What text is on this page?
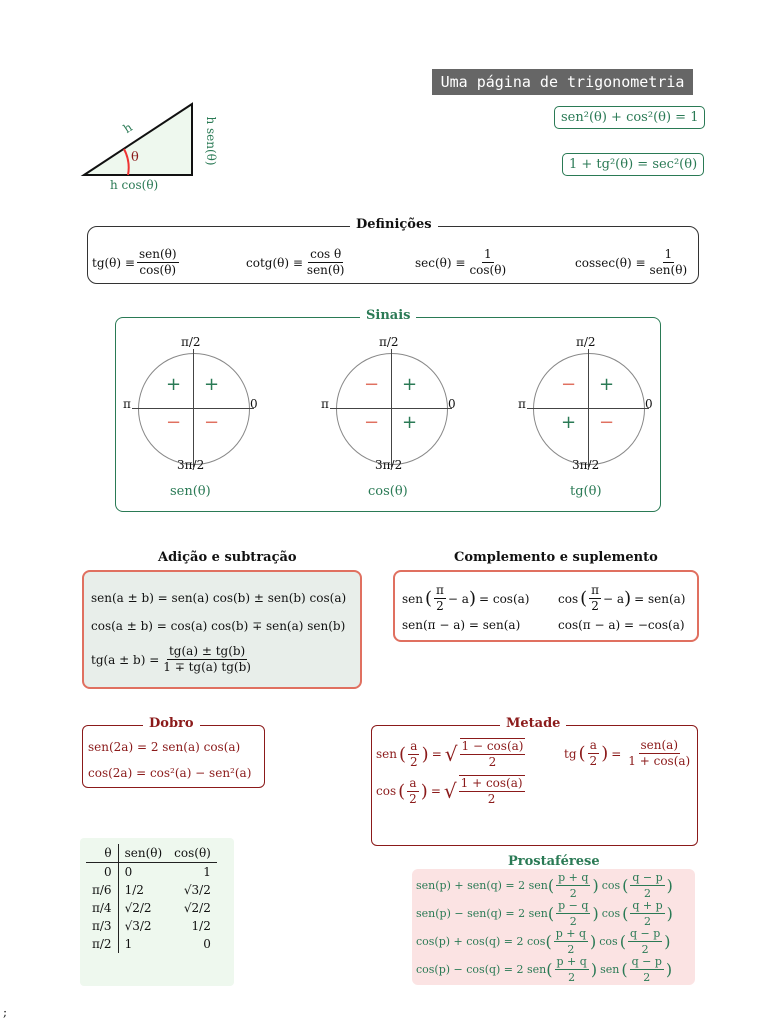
Uma página de trigonometria
h
θ
h cos(θ)
h sen(θ)	sen²(θ) + cos²(θ) = 1
1 + tg²(θ) = sec²(θ)
Definições
$tg(\theta) \equiv \frac{\text{sen(θ)}}{\cos(\theta)}$	$\cot g(\theta) \equiv \frac{\text{cos θ}}{\text{sen(θ)}}$	$\sec(\theta) \equiv \frac{1}{\cos(\theta)}$	$cossec(\theta) \equiv \frac{1}{\text{sen(θ)}}$
Sinais
π/2
π	0
3π/2
+
+
− −
sen(θ)
π/2
π	0
3π/2
+
−
− +
cos(θ)
π/2
π	0
3π/2
+
−
+ −
tg(θ)
Adição e subtração
sen(a ± b) = sen(a) cos(b) ± sen(b) cos(a)
cos(a ± b) = cos(a) cos(b) ∓ sen(a) sen(b)
$tg(a \pm b) = \frac{tg(a) \pm tg(b)}{1 \mp tg(a) tg(b)}$
Complemento e suplemento
sen ( $\frac{\pi}{2} - a$ ) = cos(a) cos ( $\frac{\pi}{2} - a$ ) = sen(a)
sen(π − a) = sen(a)	cos(π − a) = −cos(a)
Dobro
sen(2a) = 2 sen(a) cos(a)
cos(2a) = cos²(a) − sen²(a)
Metade
sen ( $\frac{a}{2}$ ) = √ $\frac{1 - \cos(a)}{2}$
cos ( $\frac{a}{2}$ ) = √ $\frac{1 + \cos(a)}{2}$
tg ( $\frac{a}{2}$ ) = $\frac{\text{sen(a)}}{1 + \cos(a)}$
θ	sen(θ)	cos(θ)
0	0	1
π/6	1/2	√3/2
π/4	√2/2	√2/2
π/3	√3/2	1/2
π/2	1	0
Prostaférese
sen(p) + sen(q) = 2 sen ( $\frac{p + q}{2}$ ) cos ( $\frac{q - p}{2}$ )
sen(p) − sen(q) = 2 sen ( $\frac{p - q}{2}$ ) cos ( $\frac{q + p}{2}$ )
cos(p) + cos(q) = 2 cos ( $\frac{p + q}{2}$ ) cos ( $\frac{q - p}{2}$ )
cos(p) − cos(q) = 2 sen ( $\frac{p + q}{2}$ ) sen ( $\frac{q - p}{2}$ )
;
